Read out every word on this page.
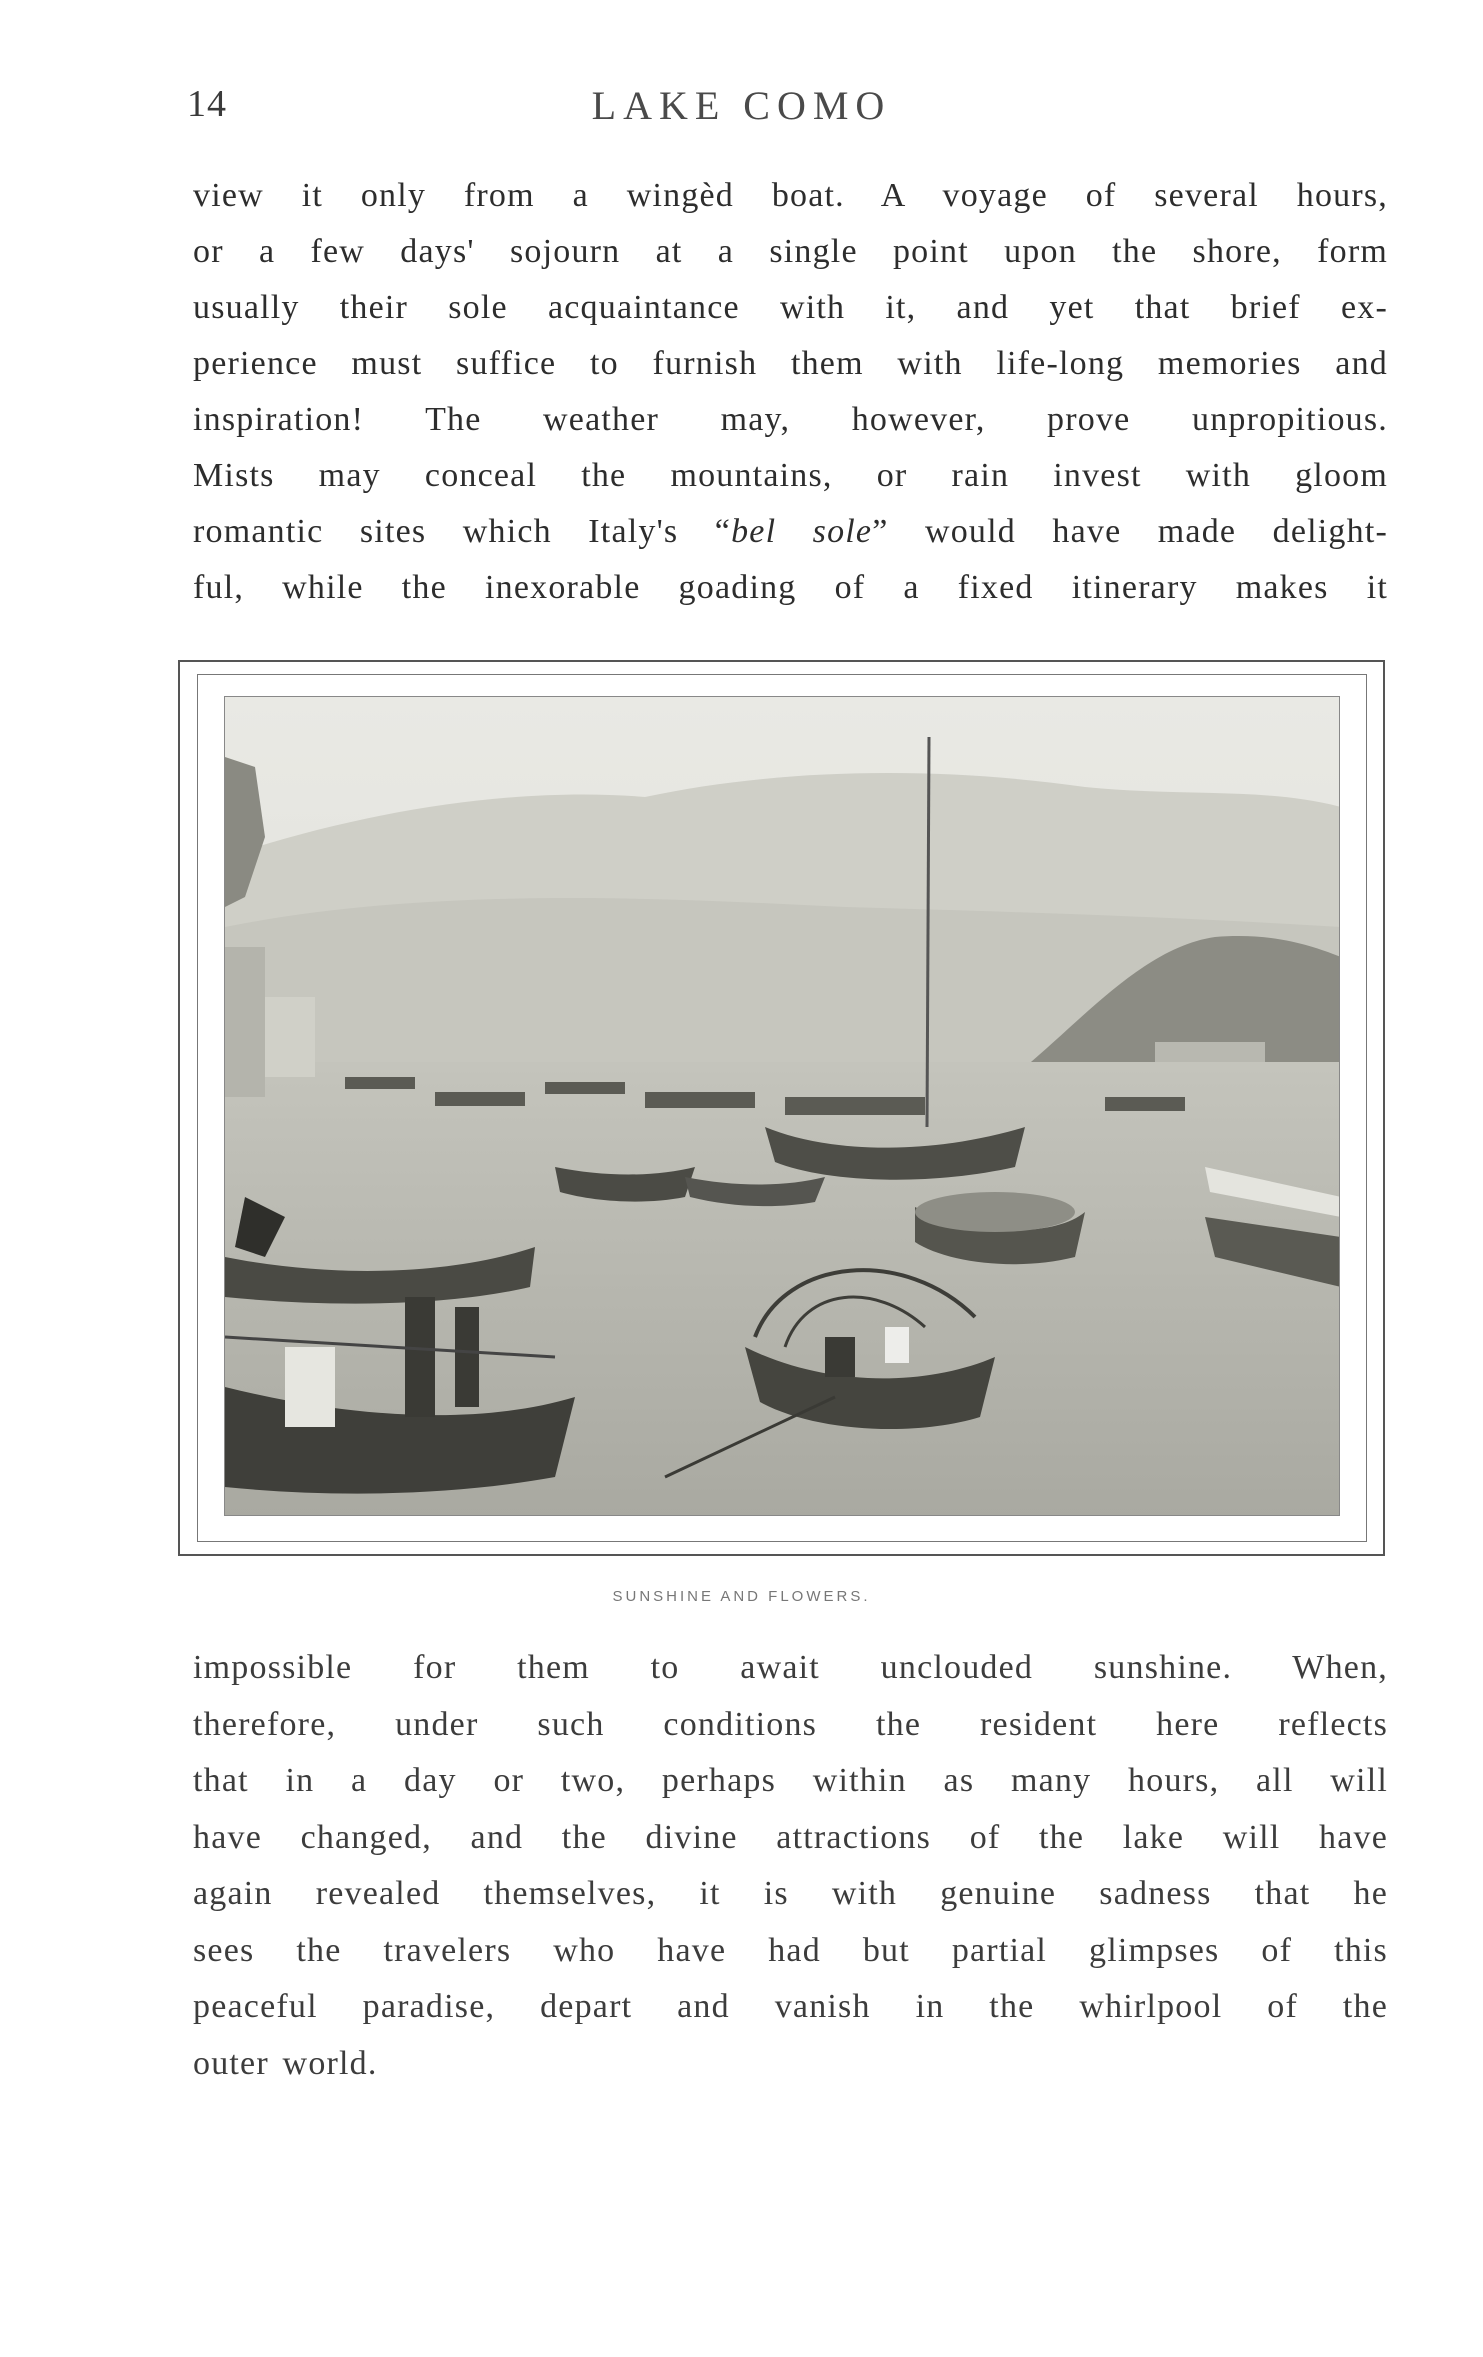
14	LAKE COMO
view it only from a wingèd boat. A voyage of several hours,
or a few days' sojourn at a single point upon the shore, form
usually their sole acquaintance with it, and yet that brief ex-
perience must suffice to furnish them with life-long memories and
inspiration! The weather may, however, prove unpropitious.
Mists may conceal the mountains, or rain invest with gloom
romantic sites which Italy's “bel sole” would have made delight-
ful, while the inexorable goading of a fixed itinerary makes it
SUNSHINE AND FLOWERS.
impossible for them to await unclouded sunshine. When,
therefore, under such conditions the resident here reflects
that in a day or two, perhaps within as many hours, all will
have changed, and the divine attractions of the lake will have
again revealed themselves, it is with genuine sadness that he
sees the travelers who have had but partial glimpses of this
peaceful paradise, depart and vanish in the whirlpool of the
outer world.
